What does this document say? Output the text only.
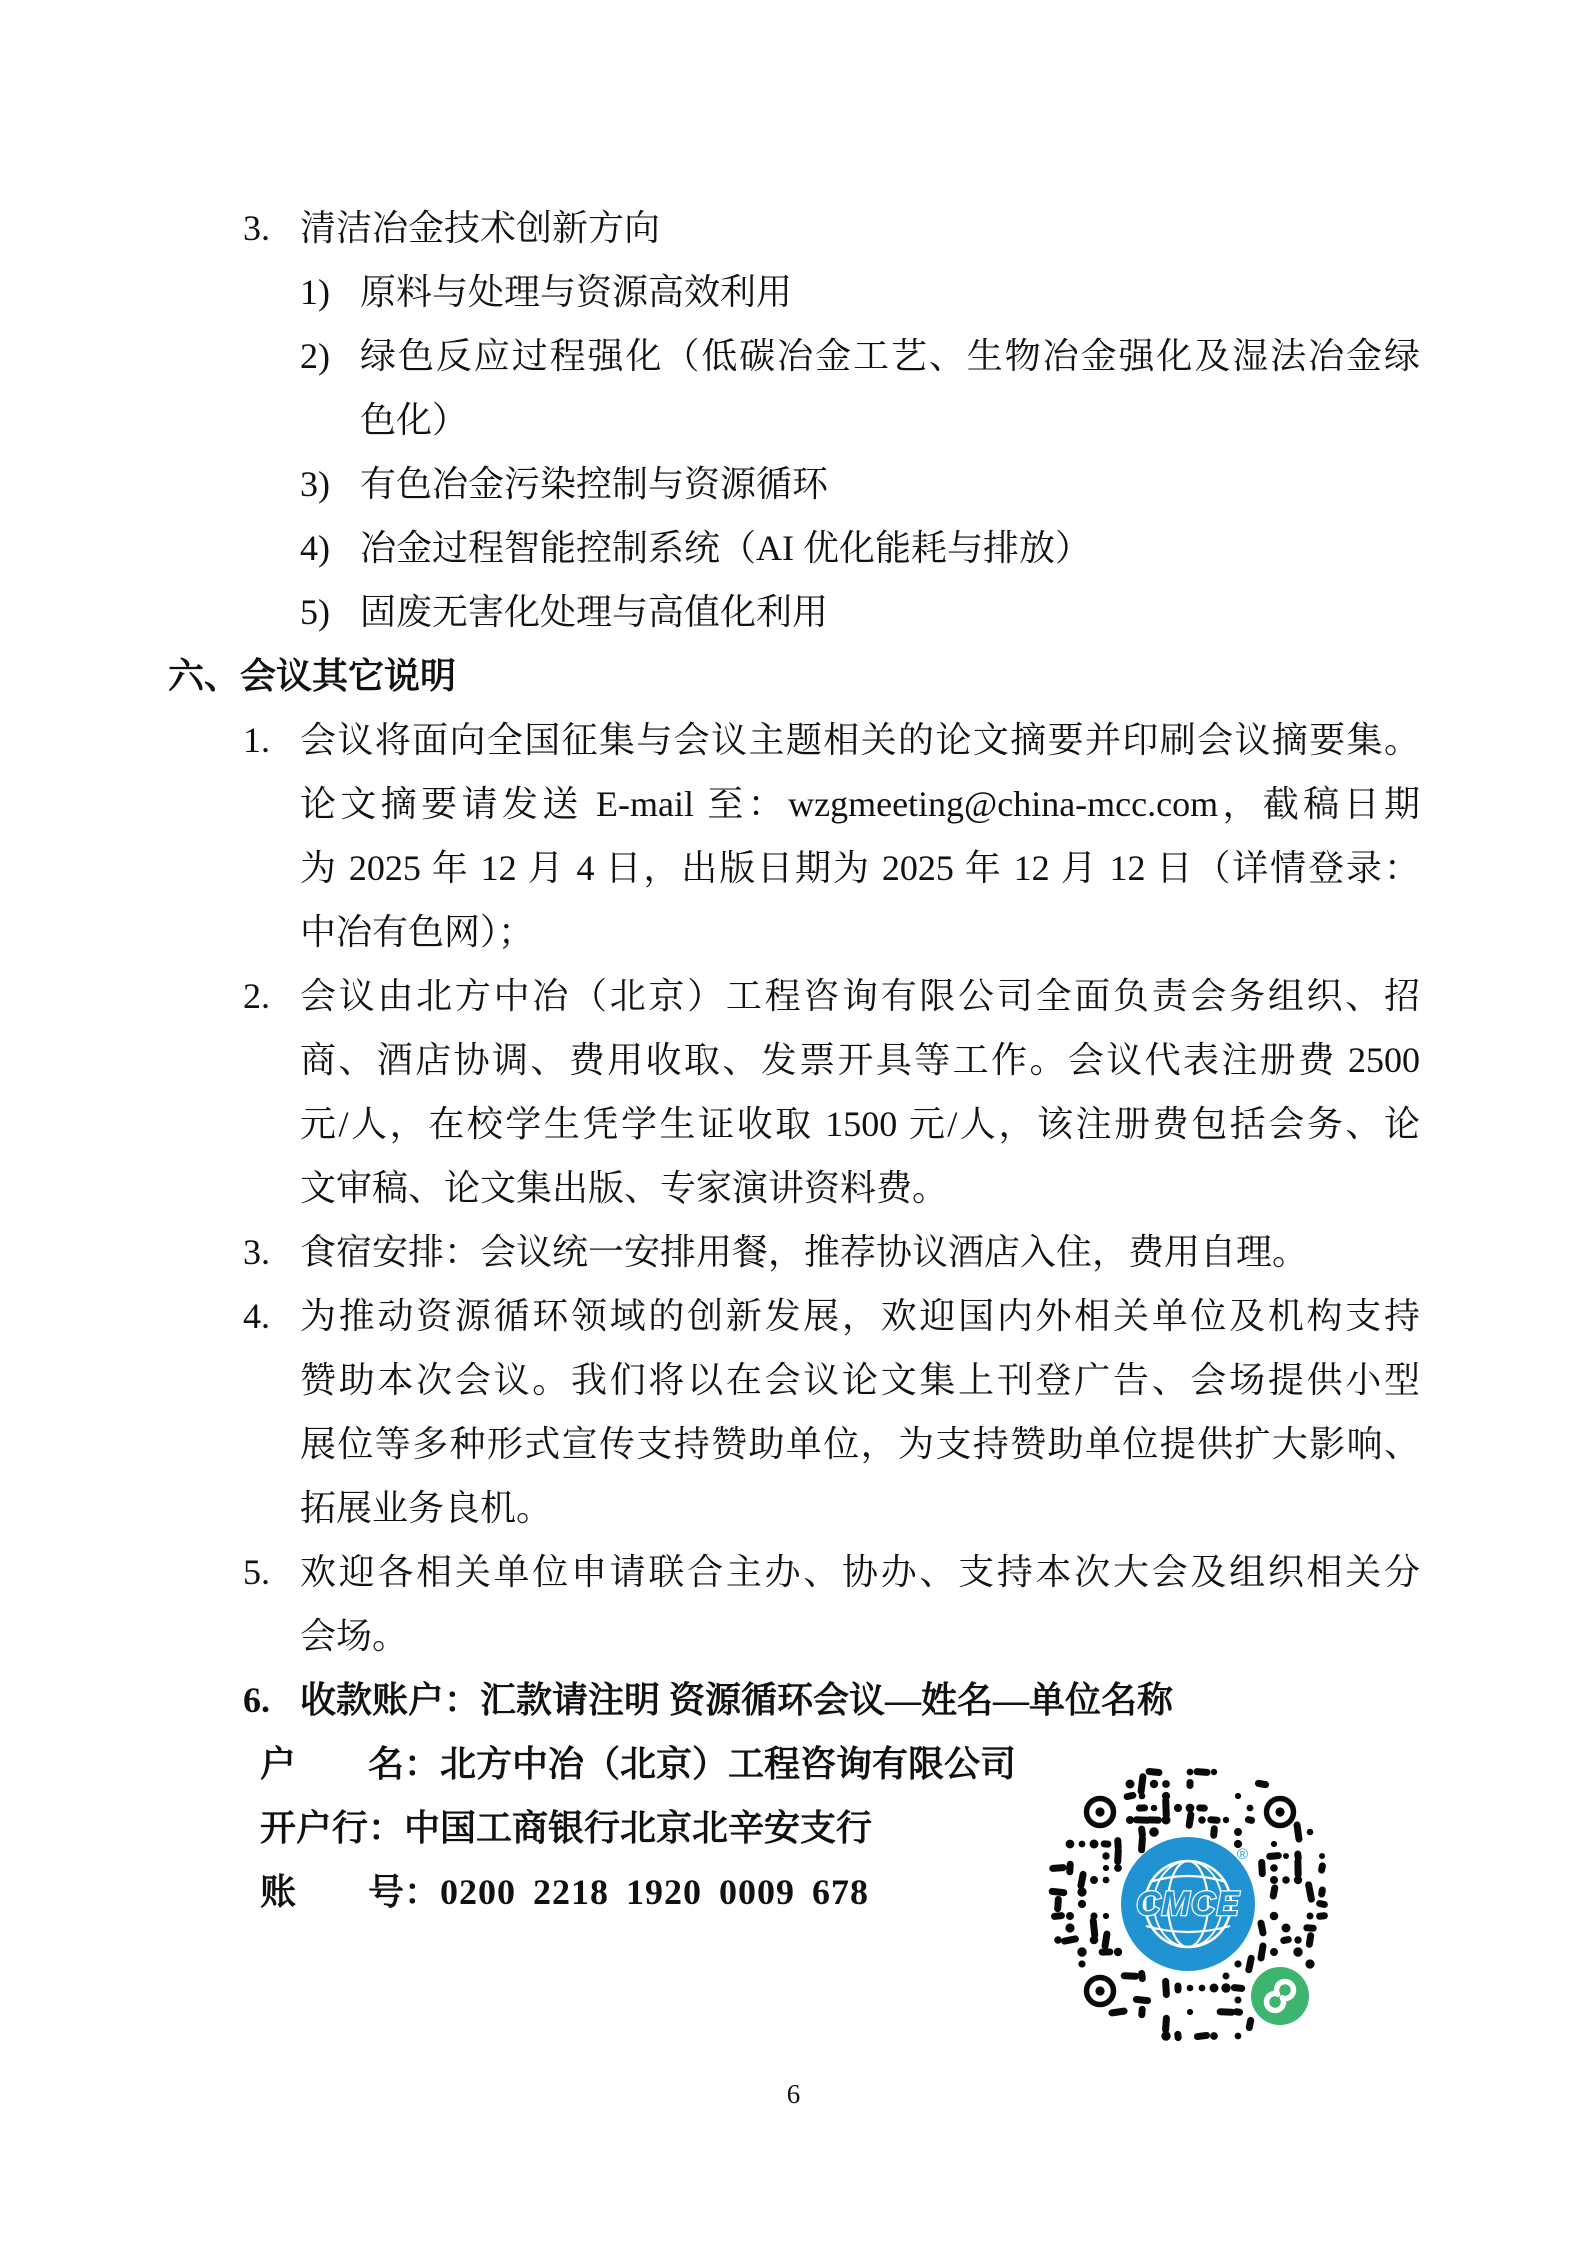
3. 清洁冶金技术创新方向
1) 原料与处理与资源高效利用
2) 绿色反应过程强化（低碳冶金工艺、生物冶金强化及湿法冶金绿
色化）
3) 有色冶金污染控制与资源循环
4) 冶金过程智能控制系统（AI 优化能耗与排放）
5) 固废无害化处理与高值化利用
六、会议其它说明
1. 会议将面向全国征集与会议主题相关的论文摘要并印刷会议摘要集。
论文摘要请发送 E-mail 至：wzgmeeting@china-mcc.com，截稿日期
为 2025 年 12 月 4 日，出版日期为 2025 年 12 月 12 日（详情登录：
中冶有色网）；
2. 会议由北方中冶（北京）工程咨询有限公司全面负责会务组织、招
商、酒店协调、费用收取、发票开具等工作。会议代表注册费 2500
元/人，在校学生凭学生证收取 1500 元/人，该注册费包括会务、论
文审稿、论文集出版、专家演讲资料费。
3. 食宿安排：会议统一安排用餐，推荐协议酒店入住，费用自理。
4. 为推动资源循环领域的创新发展，欢迎国内外相关单位及机构支持
赞助本次会议。我们将以在会议论文集上刊登广告、会场提供小型
展位等多种形式宣传支持赞助单位，为支持赞助单位提供扩大影响、
拓展业务良机。
5. 欢迎各相关单位申请联合主办、协办、支持本次大会及组织相关分
会场。
6. 收款账户：汇款请注明 资源循环会议—姓名—单位名称
户 名： 北方中冶（北京）工程咨询有限公司
开户行： 中国工商银行北京北辛安支行
账 号： 0200 2218 1920 0009 678	CMCE
®
6
